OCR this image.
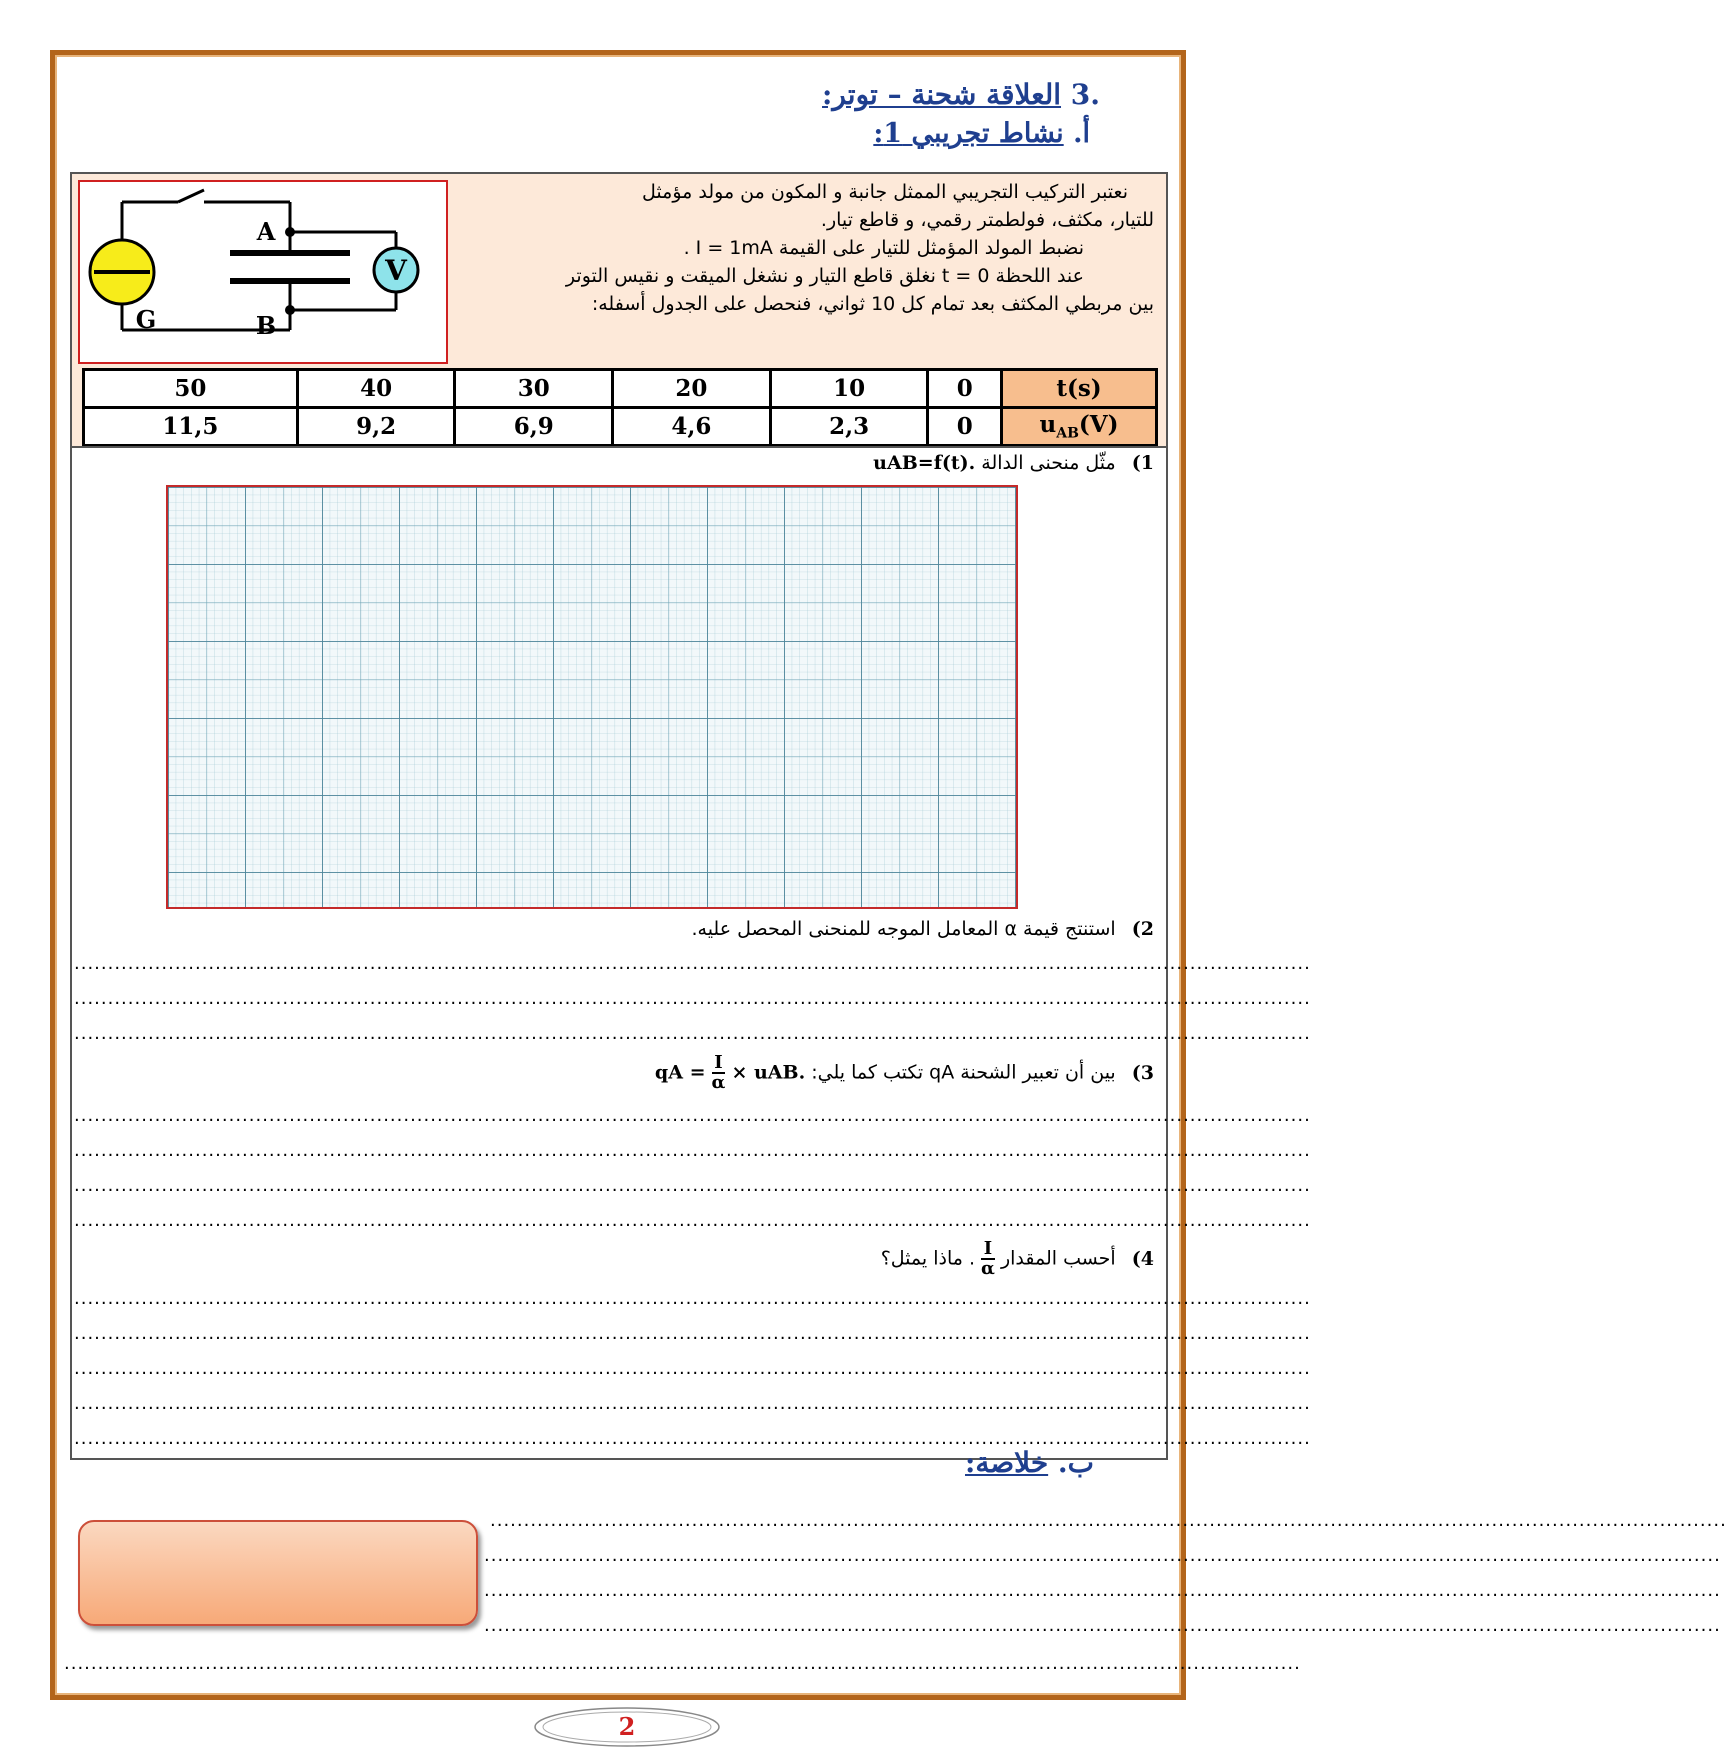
.3 العلاقة شحنة – توتر:
أ. نشاط تجريبي 1:
V
A
B
G

نعتبر التركيب التجريبي الممثل جانبة و المكون من مولد مؤمثل

للتيار، مكثف، فولطمتر رقمي، و قاطع تيار.

نضبط المولد المؤمثل للتيار على القيمة I = 1mA .

عند اللحظة t = 0 نغلق قاطع التيار و نشغل الميقت و نقيس التوتر

بين مربطي المكثف بعد تمام كل 10 ثواني، فنحصل على الجدول أسفله:

t(s)	0	10	20	30	40	50
$u_{AB}(V)$	0	2,3	4,6	6,9	9,2	11,5
1) مثّل منحنى الدالة uAB=f(t).
2) استنتج قيمة α المعامل الموجه للمنحنى المحصل عليه.
........................................................................................................................................................................................
........................................................................................................................................................................................
........................................................................................................................................................................................
3) بين أن تعبير الشحنة qA تكتب كما يلي: qA = $\frac{I}{\alpha}$ × uAB.
........................................................................................................................................................................................
........................................................................................................................................................................................
........................................................................................................................................................................................
........................................................................................................................................................................................
4) أحسب المقدار
$\frac{I}{\alpha}$
. ماذا يمثل؟
........................................................................................................................................................................................
........................................................................................................................................................................................
........................................................................................................................................................................................
........................................................................................................................................................................................
........................................................................................................................................................................................
ب. خلاصة:
........................................................................................................................................................................................
........................................................................................................................................................................................
........................................................................................................................................................................................
........................................................................................................................................................................................
........................................................................................................................................................................................
2
